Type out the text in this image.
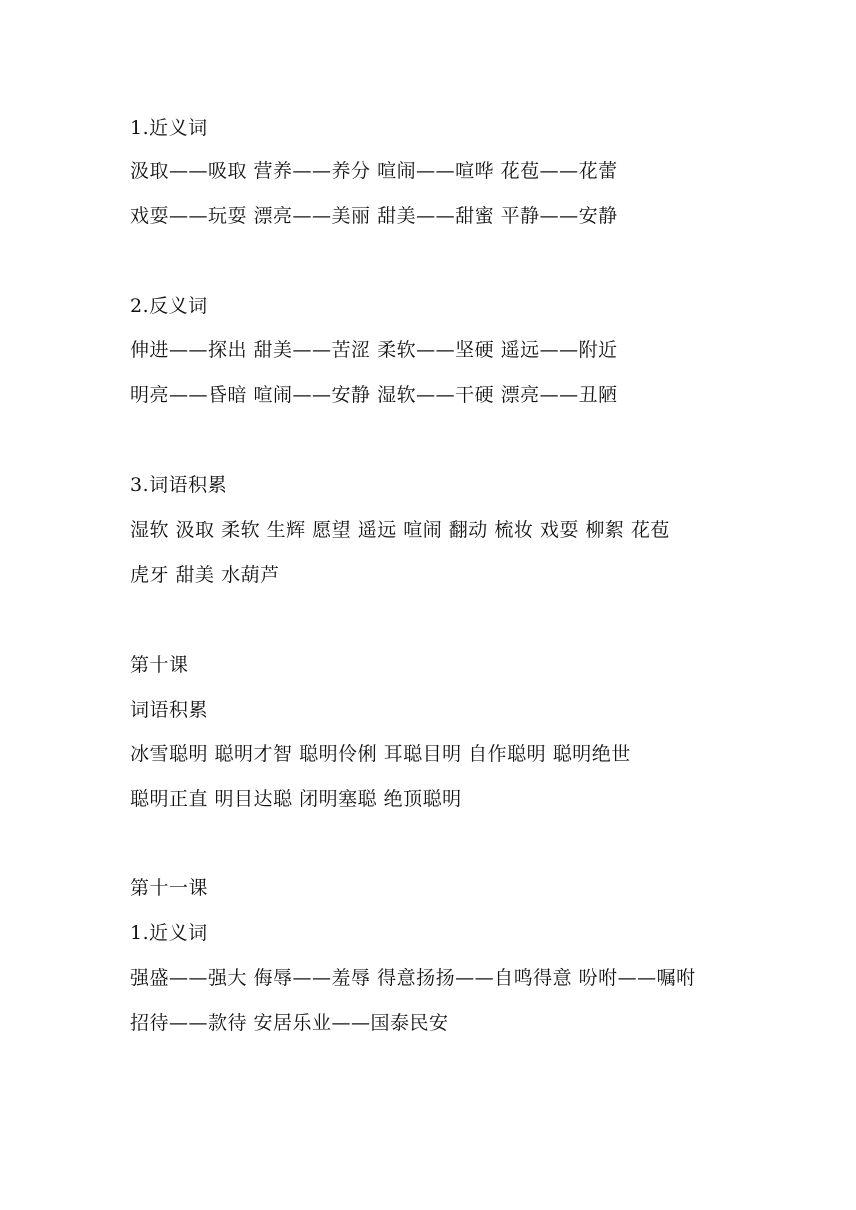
1.近义词
汲取——吸取 营养——养分 喧闹——喧哗 花苞——花蕾
戏耍——玩耍 漂亮——美丽 甜美——甜蜜 平静——安静
2.反义词
伸进——探出 甜美——苦涩 柔软——坚硬 遥远——附近
明亮——昏暗 喧闹——安静 湿软——干硬 漂亮——丑陋
3.词语积累
湿软 汲取 柔软 生辉 愿望 遥远 喧闹 翻动 梳妆 戏耍 柳絮 花苞
虎牙 甜美 水葫芦
第十课
词语积累
冰雪聪明 聪明才智 聪明伶俐 耳聪目明 自作聪明 聪明绝世
聪明正直 明目达聪 闭明塞聪 绝顶聪明
第十一课
1.近义词
强盛——强大 侮辱——羞辱 得意扬扬——自鸣得意 吩咐——嘱咐
招待——款待 安居乐业——国泰民安
